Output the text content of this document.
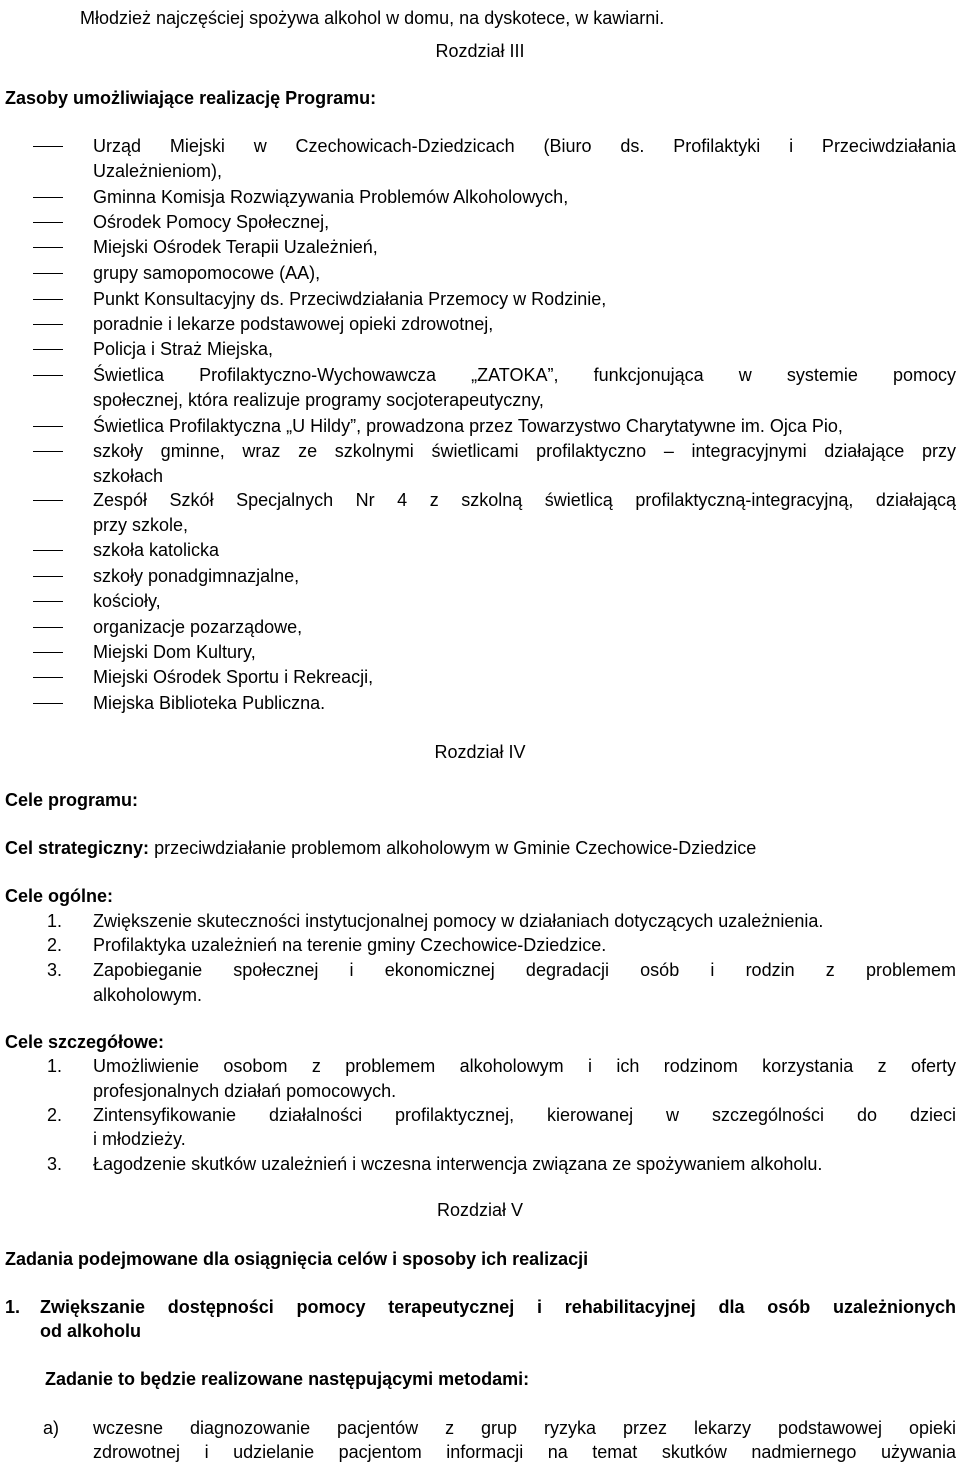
Młodzież najczęściej spożywa alkohol w domu, na dyskotece, w kawiarni.
Rozdział III
Zasoby umożliwiające realizację Programu:
Urząd Miejski w Czechowicach-Dziedzicach (Biuro ds. Profilaktyki i Przeciwdziałania
Uzależnieniom),
Gminna Komisja Rozwiązywania Problemów Alkoholowych,
Ośrodek Pomocy Społecznej,
Miejski Ośrodek Terapii Uzależnień,
grupy samopomocowe (AA),
Punkt Konsultacyjny ds. Przeciwdziałania Przemocy w Rodzinie,
poradnie i lekarze podstawowej opieki zdrowotnej,
Policja i Straż Miejska,
Świetlica Profilaktyczno-Wychowawcza „ZATOKA”, funkcjonująca w systemie pomocy
społecznej, która realizuje programy socjoterapeutyczny,
Świetlica Profilaktyczna „U Hildy”, prowadzona przez Towarzystwo Charytatywne im. Ojca Pio,
szkoły gminne, wraz ze szkolnymi świetlicami profilaktyczno – integracyjnymi działające przy
szkołach
Zespół Szkół Specjalnych Nr 4 z szkolną świetlicą profilaktyczną-integracyjną, działającą
przy szkole,
szkoła katolicka
szkoły ponadgimnazjalne,
kościoły,
organizacje pozarządowe,
Miejski Dom Kultury,
Miejski Ośrodek Sportu i Rekreacji,
Miejska Biblioteka Publiczna.
Rozdział IV
Cele programu:
Cel strategiczny: przeciwdziałanie problemom alkoholowym w Gminie Czechowice-Dziedzice
Cele ogólne:
1. Zwiększenie skuteczności instytucjonalnej pomocy w działaniach dotyczących uzależnienia.
2. Profilaktyka uzależnień na terenie gminy Czechowice-Dziedzice.
3. Zapobieganie społecznej i ekonomicznej degradacji osób i rodzin z problemem
alkoholowym.
Cele szczegółowe:
1. Umożliwienie osobom z problemem alkoholowym i ich rodzinom korzystania z oferty
profesjonalnych działań pomocowych.
2. Zintensyfikowanie działalności profilaktycznej, kierowanej w szczególności do dzieci
i młodzieży.
3. Łagodzenie skutków uzależnień i wczesna interwencja związana ze spożywaniem alkoholu.
Rozdział V
Zadania podejmowane dla osiągnięcia celów i sposoby ich realizacji
1. Zwiększanie dostępności pomocy terapeutycznej i rehabilitacyjnej dla osób uzależnionych
od alkoholu
Zadanie to będzie realizowane następującymi metodami:
a) wczesne diagnozowanie pacjentów z grup ryzyka przez lekarzy podstawowej opieki
zdrowotnej i udzielanie pacjentom informacji na temat skutków nadmiernego używania
